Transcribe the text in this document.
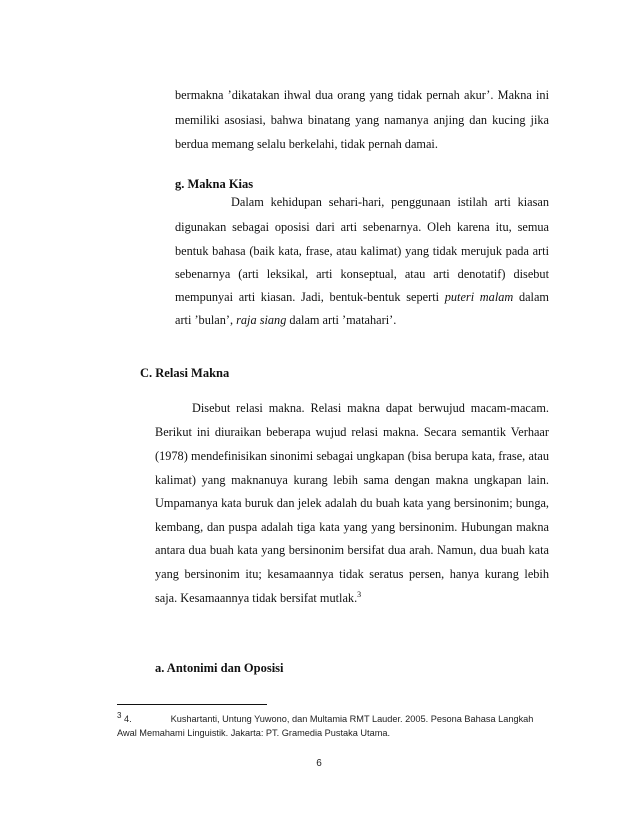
bermakna ’dikatakan ihwal dua orang yang tidak pernah akur’. Makna ini

memiliki asosiasi, bahwa binatang yang namanya anjing dan kucing jika

berdua memang selalu berkelahi, tidak pernah damai.

g. Makna Kias

Dalam kehidupan sehari-hari, penggunaan istilah arti kiasan

digunakan sebagai oposisi dari arti sebenarnya. Oleh karena itu, semua

bentuk bahasa (baik kata, frase, atau kalimat) yang tidak merujuk pada arti

sebenarnya (arti leksikal, arti konseptual, atau arti denotatif) disebut

mempunyai arti kiasan. Jadi, bentuk-bentuk seperti puteri malam dalam

arti ’bulan’, raja siang dalam arti ’matahari’.

C. Relasi Makna

Disebut relasi makna. Relasi makna dapat berwujud macam-macam.

Berikut ini diuraikan beberapa wujud relasi makna. Secara semantik Verhaar

(1978) mendefinisikan sinonimi sebagai ungkapan (bisa berupa kata, frase, atau

kalimat) yang maknanuya kurang lebih sama dengan makna ungkapan lain.

Umpamanya kata buruk dan jelek adalah du buah kata yang bersinonim; bunga,

kembang, dan puspa adalah tiga kata yang yang bersinonim. Hubungan makna

antara dua buah kata yang bersinonim bersifat dua arah. Namun, dua buah kata

yang bersinonim itu; kesamaannya tidak seratus persen, hanya kurang lebih

saja. Kesamaannya tidak bersifat mutlak.$^3$

a. Antonimi dan Oposisi

3 4.	Kushartanti, Untung Yuwono, dan Multamia RMT Lauder. 2005. Pesona Bahasa Langkah
Awal Memahami Linguistik. Jakarta: PT. Gramedia Pustaka Utama.
6
